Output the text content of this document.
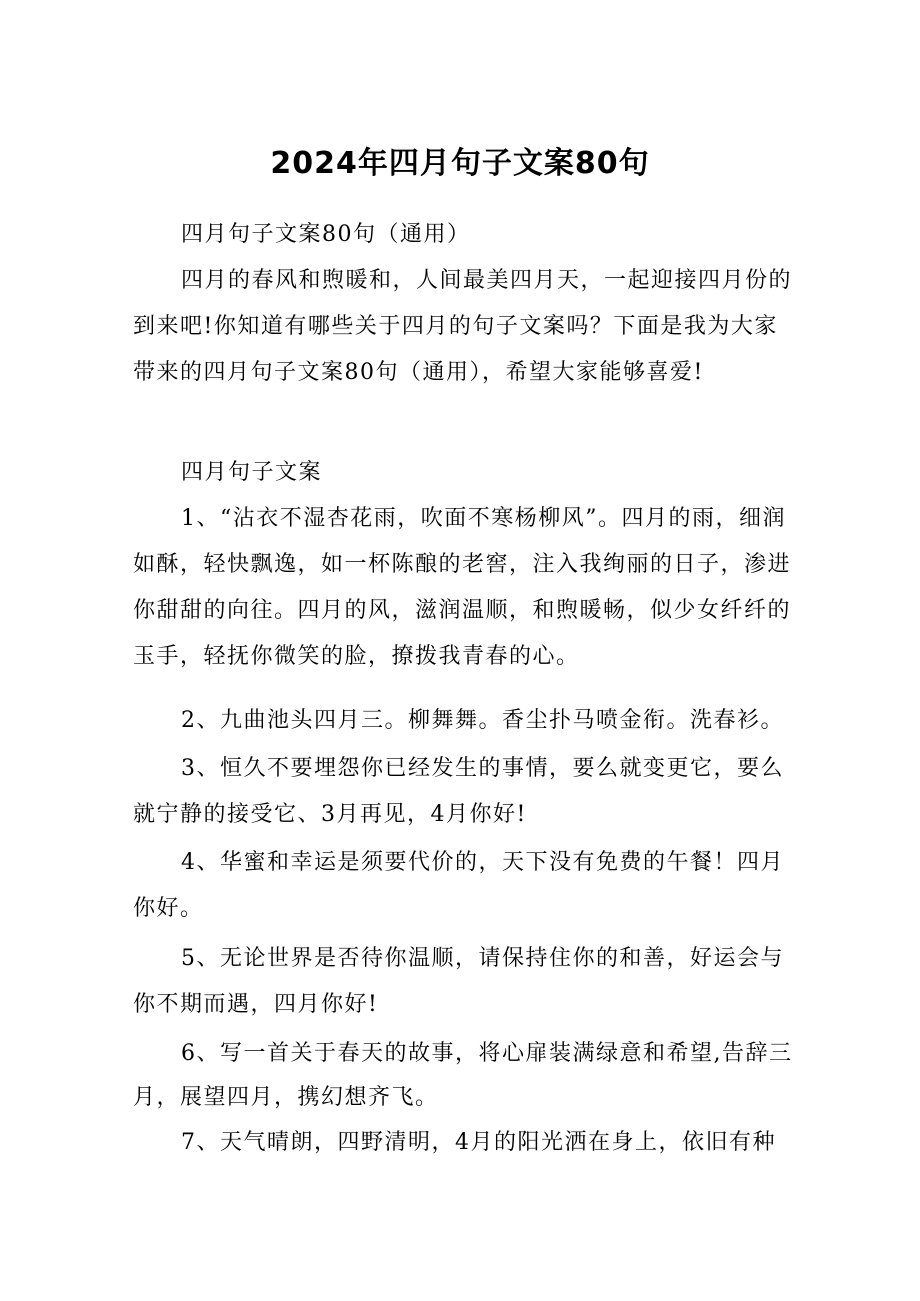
2024年四月句子文案80句

四月句子文案80句（通用）

四月的春风和煦暖和，人间最美四月天，一起迎接四月份的到来吧!你知道有哪些关于四月的句子文案吗？下面是我为大家带来的四月句子文案80句（通用），希望大家能够喜爱!

四月句子文案

1、“沾衣不湿杏花雨，吹面不寒杨柳风”。四月的雨，细润如酥，轻快飘逸，如一杯陈酿的老窖，注入我绚丽的日子，渗进你甜甜的向往。四月的风，滋润温顺，和煦暖畅，似少女纤纤的玉手，轻抚你微笑的脸，撩拨我青春的心。

2、九曲池头四月三。柳舞舞。香尘扑马喷金衔。洗春衫。

3、恒久不要埋怨你已经发生的事情，要么就变更它，要么就宁静的接受它、3月再见，4月你好!

4、华蜜和幸运是须要代价的，天下没有免费的午餐！四月你好。

5、无论世界是否待你温顺，请保持住你的和善，好运会与你不期而遇，四月你好!

6、写一首关于春天的故事，将心扉装满绿意和希望,告辞三月，展望四月，携幻想齐飞。

7、天气晴朗，四野清明，4月的阳光洒在身上，依旧有种
